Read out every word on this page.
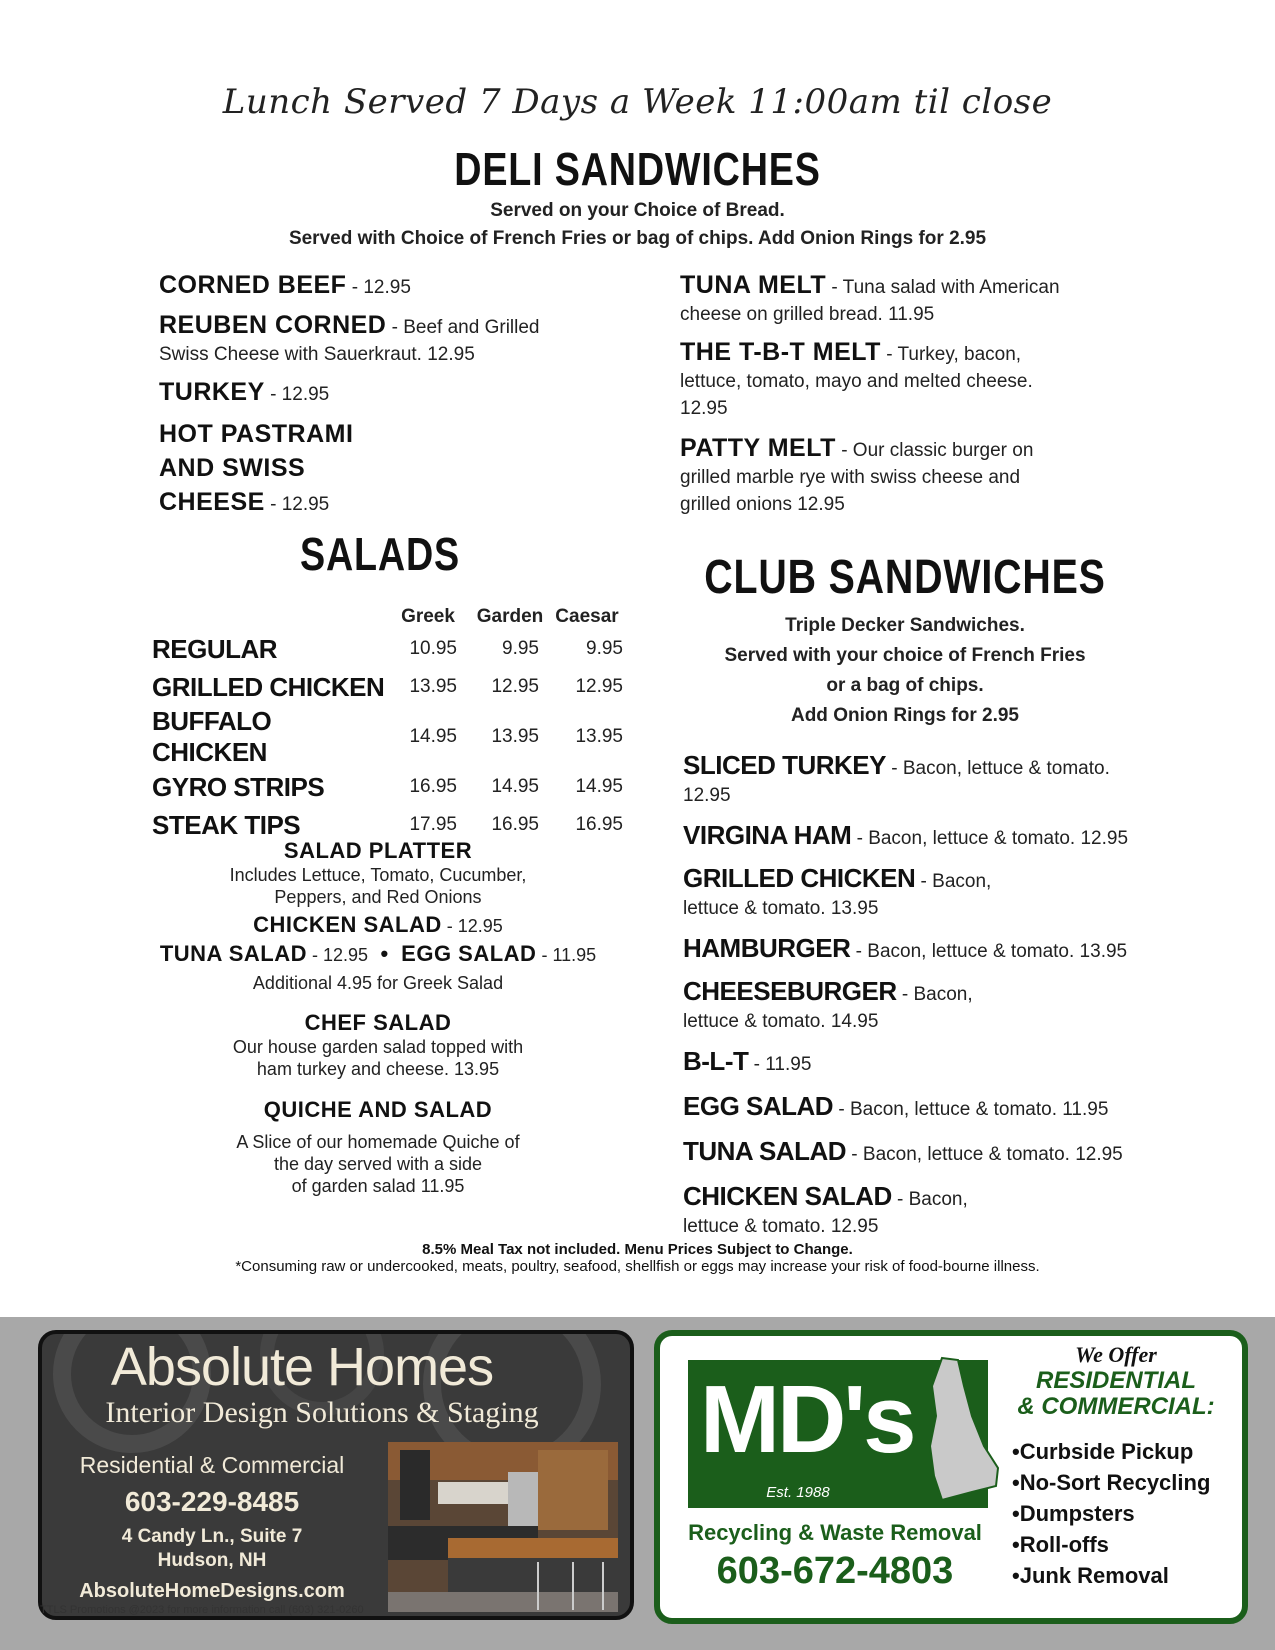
Lunch Served 7 Days a Week 11:00am til close
DELI SANDWICHES
Served on your Choice of Bread.
Served with Choice of French Fries or bag of chips. Add Onion Rings for 2.95
CORNED BEEF - 12.95
REUBEN CORNED - Beef and Grilled Swiss Cheese with Sauerkraut. 12.95
TURKEY - 12.95
HOT PASTRAMI AND SWISS CHEESE - 12.95
TUNA MELT - Tuna salad with American cheese on grilled bread. 11.95
THE T-B-T MELT - Turkey, bacon, lettuce, tomato, mayo and melted cheese. 12.95
PATTY MELT - Our classic burger on grilled marble rye with swiss cheese and grilled onions 12.95
SALADS
	Greek	Garden	Caesar
REGULAR	10.95	9.95	9.95
GRILLED CHICKEN	13.95	12.95	12.95
BUFFALO CHICKEN	14.95	13.95	13.95
GYRO STRIPS	16.95	14.95	14.95
STEAK TIPS	17.95	16.95	16.95
SALAD PLATTER
Includes Lettuce, Tomato, Cucumber,
Peppers, and Red Onions
CHICKEN SALAD - 12.95
TUNA SALAD - 12.95 • EGG SALAD - 11.95
Additional 4.95 for Greek Salad
CHEF SALAD
Our house garden salad topped with
ham turkey and cheese. 13.95
QUICHE AND SALAD
A Slice of our homemade Quiche of
the day served with a side
of garden salad 11.95
CLUB SANDWICHES
Triple Decker Sandwiches.
Served with your choice of French Fries
or a bag of chips.
Add Onion Rings for 2.95
SLICED TURKEY - Bacon, lettuce & tomato. 12.95
VIRGINA HAM - Bacon, lettuce & tomato. 12.95
GRILLED CHICKEN - Bacon, lettuce & tomato. 13.95
HAMBURGER - Bacon, lettuce & tomato. 13.95
CHEESEBURGER - Bacon, lettuce & tomato. 14.95
B-L-T - 11.95
EGG SALAD - Bacon, lettuce & tomato. 11.95
TUNA SALAD - Bacon, lettuce & tomato. 12.95
CHICKEN SALAD - Bacon, lettuce & tomato. 12.95
8.5% Meal Tax not included. Menu Prices Subject to Change.
*Consuming raw or undercooked, meats, poultry, seafood, shellfish or eggs may increase your risk of food-bourne illness.
Absolute Homes
Interior Design Solutions & Staging
Residential & Commercial
603-229-8485
4 Candy Ln., Suite 7
Hudson, NH
AbsoluteHomeDesigns.com
MD's
Est. 1988
Recycling & Waste Removal
603-672-4803
We Offer
RESIDENTIAL
& COMMERCIAL:
•Curbside Pickup
•No-Sort Recycling
•Dumpsters
•Roll-offs
•Junk Removal
TTLS Promotions @2023 for more information call (603) 321-0260
